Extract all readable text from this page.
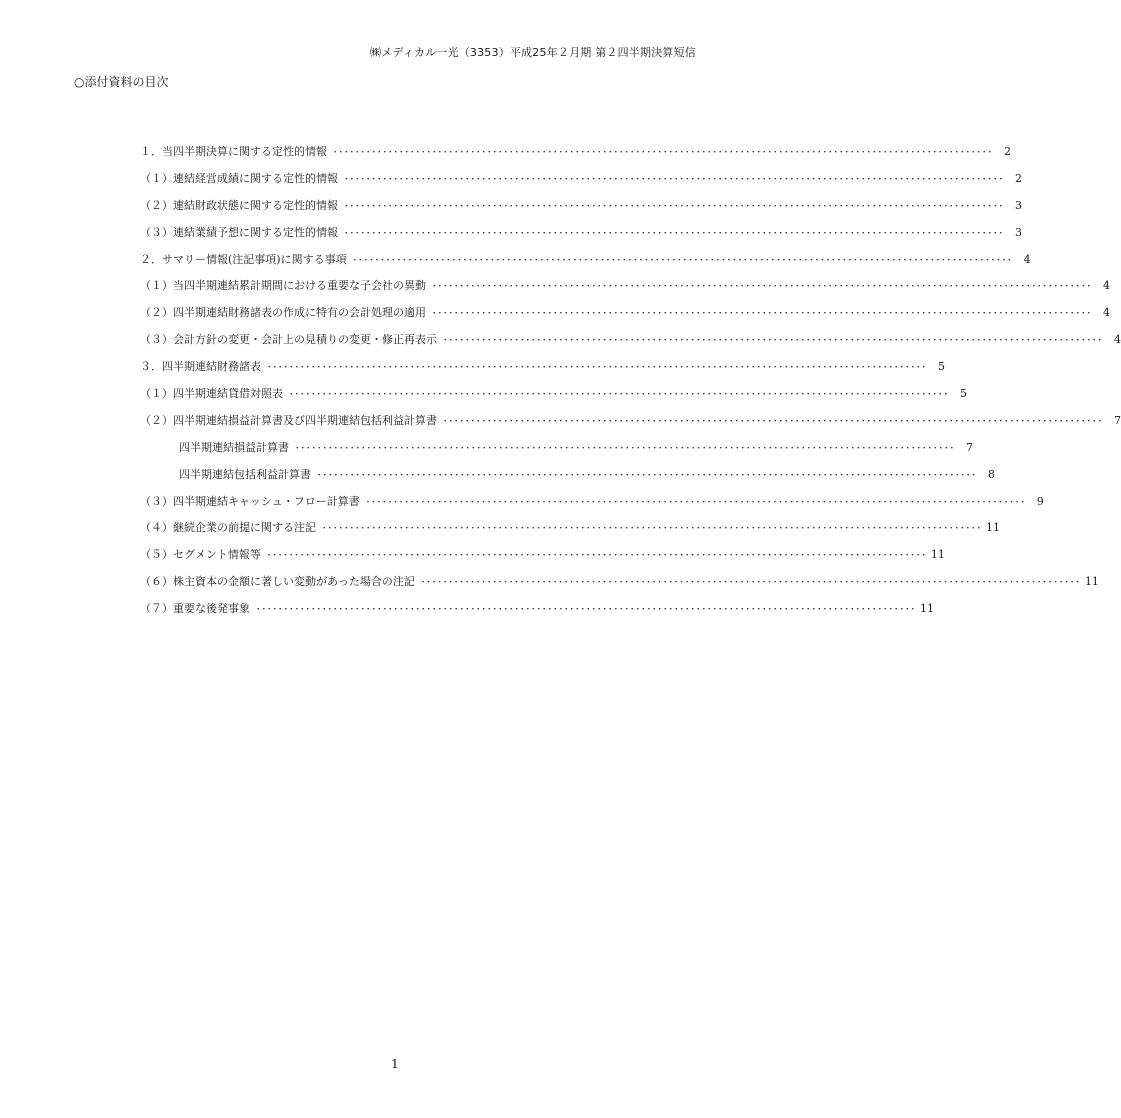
㈱メディカル一光（3353）平成25年２月期 第２四半期決算短信
○添付資料の目次
１． 当四半期決算に関する定性的情報 ････････････････････････････････････････････････････････････････････････････････････････････････････････････････････････	2
（１） 連結経営成績に関する定性的情報 ････････････････････････････････････････････････････････････････････････････････････････････････････････････････････････	2
（２） 連結財政状態に関する定性的情報 ････････････････････････････････････････････････････････････････････････････････････････････････････････････････････････	3
（３） 連結業績予想に関する定性的情報 ････････････････････････････････････････････････････････････････････････････････････････････････････････････････････････	3
２． サマリー情報(注記事項)に関する事項 ････････････････････････････････････････････････････････････････････････････････････････････････････････････････････････	4
（１） 当四半期連結累計期間における重要な子会社の異動 ････････････････････････････････････････････････････････････････････････････････････････････････････････････････････････	4
（２） 四半期連結財務諸表の作成に特有の会計処理の適用 ････････････････････････････････････････････････････････････････････････････････････････････････････････････････････････	4
（３） 会計方針の変更・会計上の見積りの変更・修正再表示 ････････････････････････････････････････････････････････････････････････････････････････････････････････････････････････	4
３． 四半期連結財務諸表 ････････････････････････････････････････････････････････････････････････････････････････････････････････････････････････	5
（１） 四半期連結貸借対照表 ････････････････････････････････････････････････････････････････････････････････････････････････････････････････････････	5
（２） 四半期連結損益計算書及び四半期連結包括利益計算書 ････････････････････････････････････････････････････････････････････････････････････････････････････････････････････････	7
四半期連結損益計算書 ････････････････････････････････････････････････････････････････････････････････････････････････････････････････････････	7
四半期連結包括利益計算書 ････････････････････････････････････････････････････････････････････････････････････････････････････････････････････････	8
（３） 四半期連結キャッシュ・フロー計算書 ････････････････････････････････････････････････････････････････････････････････････････････････････････････････････････	9
（４） 継続企業の前提に関する注記 ････････････････････････････････････････････････････････････････････････････････････････････････････････････････････････ 11
（５） セグメント情報等 ････････････････････････････････････････････････････････････････････････････････････････････････････････････････････････ 11
（６） 株主資本の金額に著しい変動があった場合の注記 ････････････････････････････････････････････････････････････････････････････････････････････････････････････････････････ 11
（７） 重要な後発事象 ････････････････････････････････････････････････････････････････････････････････････････････････････････････････････････ 11
1
